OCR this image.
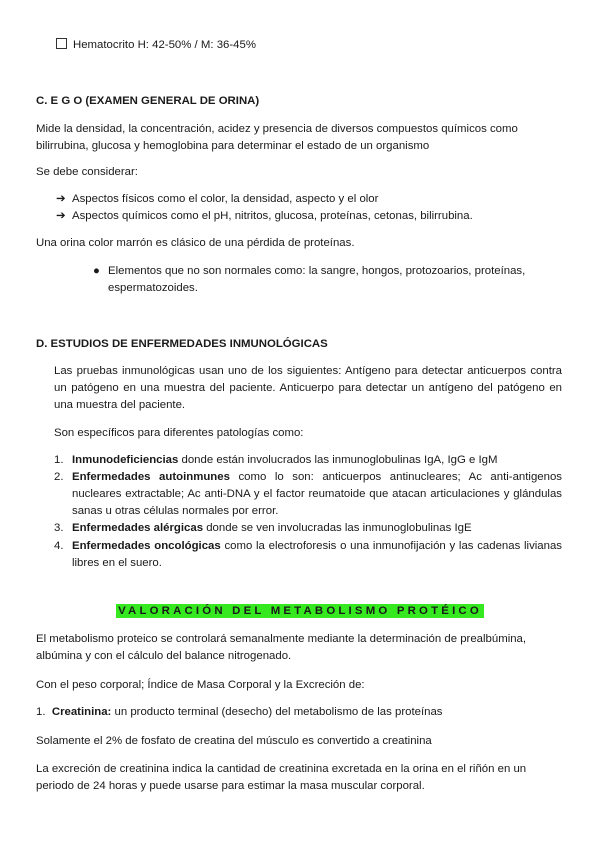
Hematocrito H: 42-50% / M: 36-45%
C. E G O (EXAMEN GENERAL DE ORINA)

Mide la densidad, la concentración, acidez y presencia de diversos compuestos químicos como

bilirrubina, glucosa y hemoglobina para determinar el estado de un organismo

Se debe considerar:

➔ Aspectos físicos como el color, la densidad, aspecto y el olor
➔ Aspectos químicos como el pH, nitritos, glucosa, proteínas, cetonas, bilirrubina.

Una orina color marrón es clásico de una pérdida de proteínas.

● Elementos que no son normales como: la sangre, hongos, protozoarios, proteínas,
espermatozoides.
D. ESTUDIOS DE ENFERMEDADES INMUNOLÓGICAS

Las pruebas inmunológicas usan uno de los siguientes: Antígeno para detectar anticuerpos contra un patógeno en una muestra del paciente. Anticuerpo para detectar un antígeno del patógeno en una muestra del paciente.

Son específicos para diferentes patologías como:

1. Inmunodeficiencias donde están involucrados las inmunoglobulinas IgA, IgG e IgM
2. Enfermedades autoinmunes como lo son: anticuerpos antinucleares; Ac anti-antigenos nucleares extractable; Ac anti-DNA y el factor reumatoide que atacan articulaciones y glándulas sanas u otras células normales por error.
3. Enfermedades alérgicas donde se ven involucradas las inmunoglobulinas IgE
4. Enfermedades oncológicas como la electroforesis o una inmunofijación y las cadenas livianas libres en el suero.
VALORACIÓN DEL METABOLISMO PROTÉICO

El metabolismo proteico se controlará semanalmente mediante la determinación de prealbúmina,

albúmina y con el cálculo del balance nitrogenado.

Con el peso corporal; Índice de Masa Corporal y la Excreción de:

1. Creatinina: un producto terminal (desecho) del metabolismo de las proteínas

Solamente el 2% de fosfato de creatina del músculo es convertido a creatinina

La excreción de creatinina indica la cantidad de creatinina excretada en la orina en el riñón en un

periodo de 24 horas y puede usarse para estimar la masa muscular corporal.
